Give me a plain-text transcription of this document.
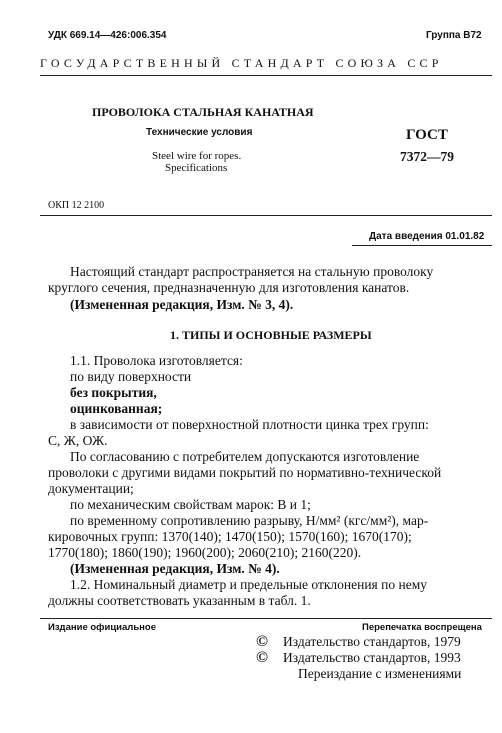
УДК 669.14—426:006.354	Группа В72
ГОСУДАРСТВЕННЫЙ СТАНДАРТ СОЮЗА ССР
ПРОВОЛОКА СТАЛЬНАЯ КАНАТНАЯ
Технические условия
Steel wire for ropes.
Specifications
ГОСТ
7372—79
ОКП 12 2100
Дата введения 01.01.82
Настоящий стандарт распространяется на стальную проволоку
круглого сечения, предназначенную для изготовления канатов.
(Измененная редакция, Изм. № 3, 4).
1. ТИПЫ И ОСНОВНЫЕ РАЗМЕРЫ
1.1. Проволока изготовляется:
по виду поверхности
без покрытия,
оцинкованная;
в зависимости от поверхностной плотности цинка трех групп:
С, Ж, ОЖ.
По согласованию с потребителем допускаются изготовление
проволоки с другими видами покрытий по нормативно-технической
документации;
по механическим свойствам марок: В и 1;
по временному сопротивлению разрыву, Н/мм² (кгс/мм²), мар-
кировочных групп: 1370(140); 1470(150); 1570(160); 1670(170);
1770(180); 1860(190); 1960(200); 2060(210); 2160(220).
(Измененная редакция, Изм. № 4).
1.2. Номинальный диаметр и предельные отклонения по нему
должны соответствовать указанным в табл. 1.
Издание официальное	Перепечатка воспрещена
© Издательство стандартов, 1979
© Издательство стандартов, 1993
Переиздание с изменениями
